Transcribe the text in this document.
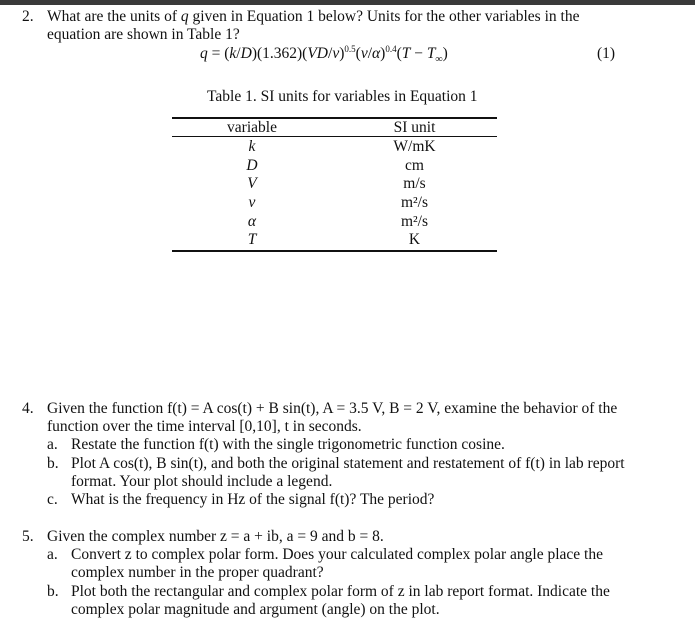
2. What are the units of q given in Equation 1 below? Units for the other variables in the
equation are shown in Table 1?
$q = (k/D)(1.362)(VD/\nu)^{0.5}(\nu/\alpha)^{0.4}(T - T_\infty)$	(1)
Table 1. SI units for variables in Equation 1
variable	SI unit
k	W/mK
D	cm
V	m/s
ν	m²/s
α	m²/s
T	K
4. Given the function f(t) = A cos(t) + B sin(t), A = 3.5 V, B = 2 V, examine the behavior of the
function over the time interval [0,10], t in seconds.
a. Restate the function f(t) with the single trigonometric function cosine.
b. Plot A cos(t), B sin(t), and both the original statement and restatement of f(t) in lab report
format. Your plot should include a legend.
c. What is the frequency in Hz of the signal f(t)? The period?
5. Given the complex number z = a + ib, a = 9 and b = 8.
a. Convert z to complex polar form. Does your calculated complex polar angle place the
complex number in the proper quadrant?
b. Plot both the rectangular and complex polar form of z in lab report format. Indicate the
complex polar magnitude and argument (angle) on the plot.
